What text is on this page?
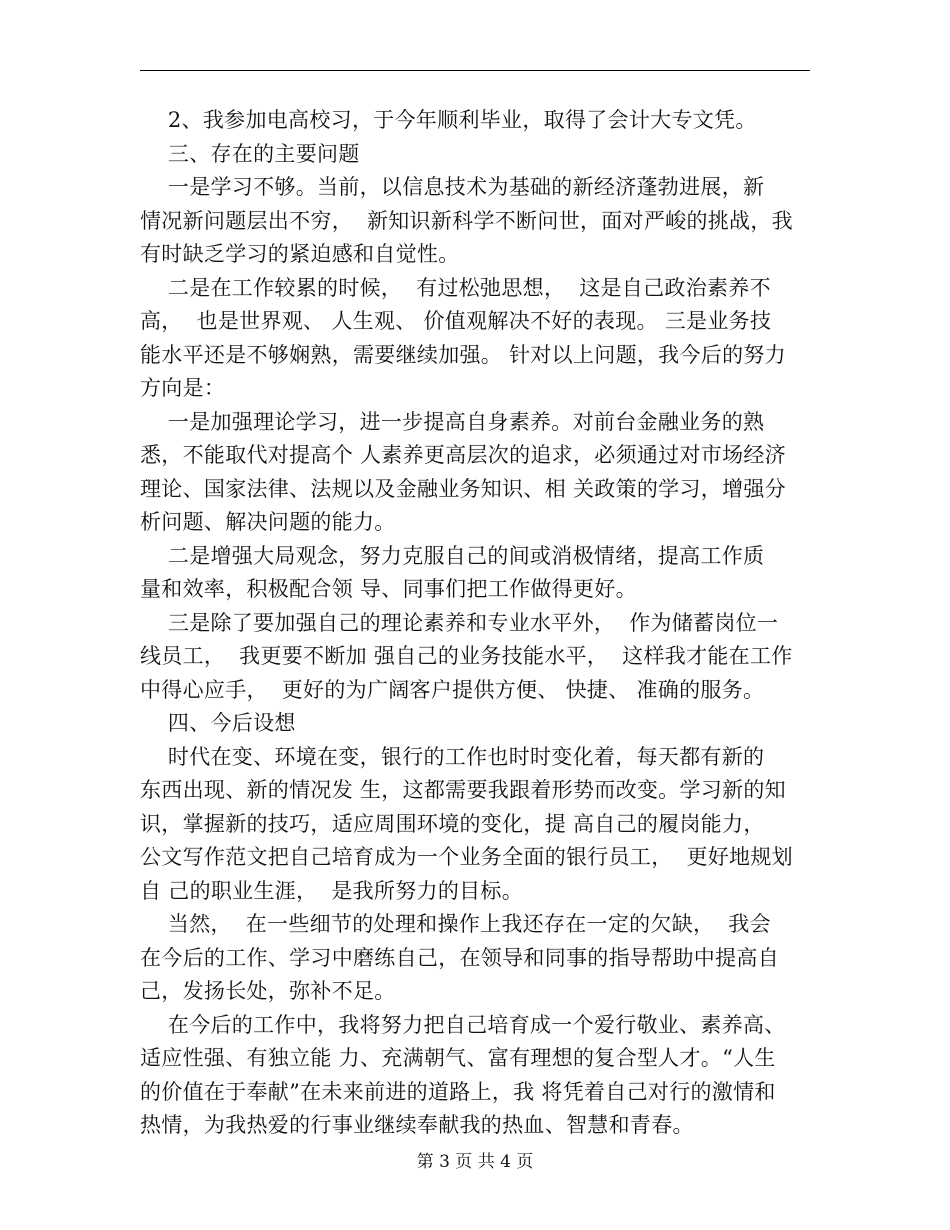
2、我参加电高校习，于今年顺利毕业，取得了会计大专文凭。
三、存在的主要问题
一是学习不够。当前，以信息技术为基础的新经济蓬勃进展，新
情况新问题层出不穷，  新知识新科学不断问世，面对严峻的挑战，我
有时缺乏学习的紧迫感和自觉性。
二是在工作较累的时候，  有过松弛思想，  这是自己政治素养不
高，  也是世界观、 人生观、 价值观解决不好的表现。 三是业务技
能水平还是不够娴熟，需要继续加强。 针对以上问题，我今后的努力
方向是：
一是加强理论学习，进一步提高自身素养。对前台金融业务的熟
悉，不能取代对提高个 人素养更高层次的追求，必须通过对市场经济
理论、国家法律、法规以及金融业务知识、相 关政策的学习，增强分
析问题、解决问题的能力。
二是增强大局观念，努力克服自己的间或消极情绪，提高工作质
量和效率，积极配合领 导、同事们把工作做得更好。
三是除了要加强自己的理论素养和专业水平外，  作为储蓄岗位一
线员工，  我更要不断加 强自己的业务技能水平，  这样我才能在工作
中得心应手，  更好的为广阔客户提供方便、 快捷、 准确的服务。
四、今后设想
时代在变、环境在变，银行的工作也时时变化着，每天都有新的
东西出现、新的情况发 生，这都需要我跟着形势而改变。学习新的知
识，掌握新的技巧，适应周围环境的变化，提 高自己的履岗能力，
公文写作范文把自己培育成为一个业务全面的银行员工，  更好地规划
自 己的职业生涯，  是我所努力的目标。
当然，  在一些细节的处理和操作上我还存在一定的欠缺，  我会
在今后的工作、学习中磨练自己，在领导和同事的指导帮助中提高自
己，发扬长处，弥补不足。
在今后的工作中，我将努力把自己培育成一个爱行敬业、素养高、
适应性强、有独立能 力、充满朝气、富有理想的复合型人才。“人生
的价值在于奉献”在未来前进的道路上，我 将凭着自己对行的激情和
热情，为我热爱的行事业继续奉献我的热血、智慧和青春。
第 3 页 共 4 页
